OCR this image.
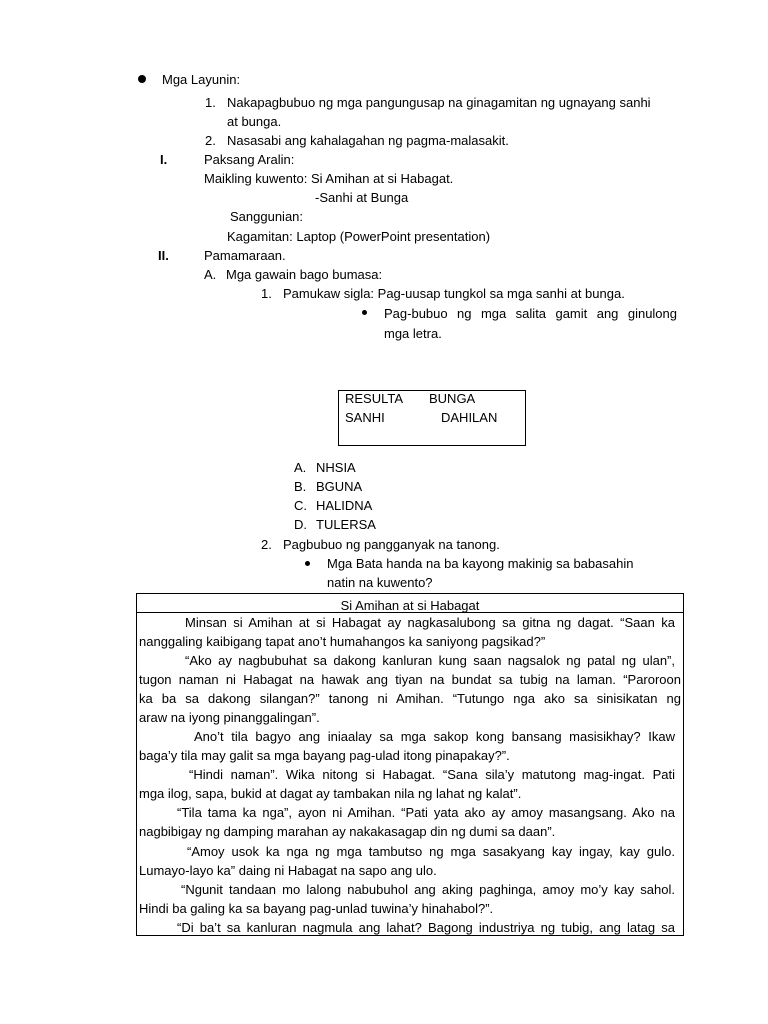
Mga Layunin:
1. Nakapagbubuo ng mga pangungusap na ginagamitan ng ugnayang sanhi
at bunga.
2. Nasasabi ang kahalagahan ng pagma-malasakit.
I.	Paksang Aralin:
Maikling kuwento: Si Amihan at si Habagat.
-Sanhi at Bunga
Sanggunian:
Kagamitan: Laptop (PowerPoint presentation)
II.	Pamamaraan.
A. Mga gawain bago bumasa:
1. Pamukaw sigla: Pag-uusap tungkol sa mga sanhi at bunga.
Pag-bubuo ng mga salita gamit ang ginulong
mga letra.
RESULTA BUNGA
SANHI	DAHILAN
A. NHSIA
B. BGUNA
C. HALIDNA
D. TULERSA
2. Pagbubuo ng pangganyak na tanong.
Mga Bata handa na ba kayong makinig sa babasahin
natin na kuwento?
Si Amihan at si Habagat
Minsan si Amihan at si Habagat ay nagkasalubong sa gitna ng dagat. “Saan ka
nanggaling kaibigang tapat ano’t humahangos ka saniyong pagsikad?”
“Ako ay nagbubuhat sa dakong kanluran kung saan nagsalok ng patal ng ulan”,
tugon naman ni Habagat na hawak ang tiyan na bundat sa tubig na laman. “Paroroon
ka ba sa dakong silangan?” tanong ni Amihan. “Tutungo nga ako sa sinisikatan ng
araw na iyong pinanggalingan”.
Ano’t tila bagyo ang iniaalay sa mga sakop kong bansang masisikhay? Ikaw
baga’y tila may galit sa mga bayang pag-ulad itong pinapakay?”.
“Hindi naman”. Wika nitong si Habagat. “Sana sila’y matutong mag-ingat. Pati
mga ilog, sapa, bukid at dagat ay tambakan nila ng lahat ng kalat”.
“Tila tama ka nga”, ayon ni Amihan. “Pati yata ako ay amoy masangsang. Ako na
nagbibigay ng damping marahan ay nakakasagap din ng dumi sa daan”.
“Amoy usok ka nga ng mga tambutso ng mga sasakyang kay ingay, kay gulo.
Lumayo-layo ka” daing ni Habagat na sapo ang ulo.
“Ngunit tandaan mo lalong nabubuhol ang aking paghinga, amoy mo’y kay sahol.
Hindi ba galing ka sa bayang pag-unlad tuwina’y hinahabol?”.
“Di ba’t sa kanluran nagmula ang lahat? Bagong industriya ng tubig, ang latag sa
